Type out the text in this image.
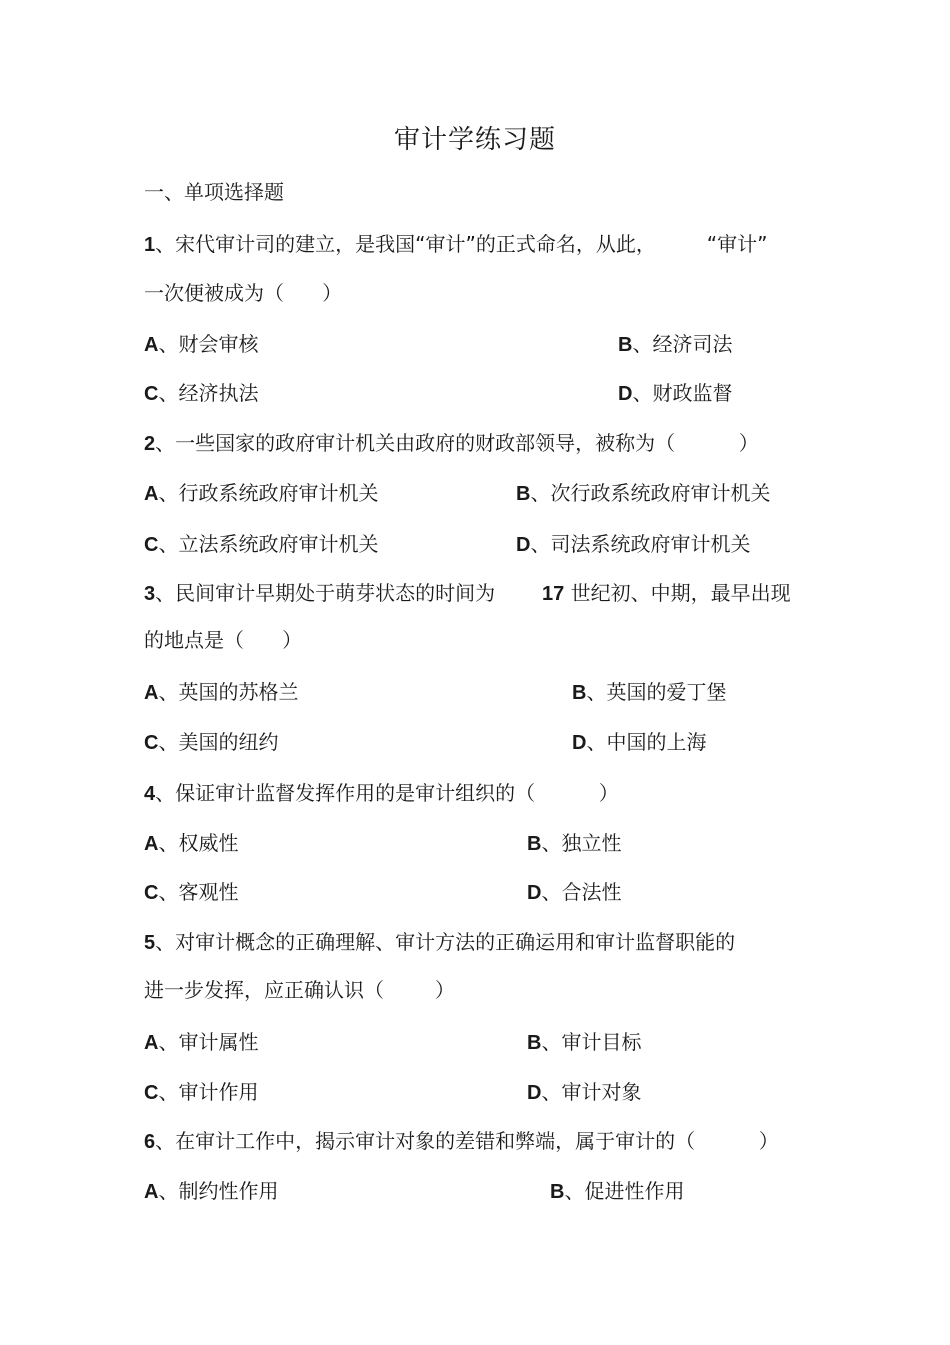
审计学练习题
一、单项选择题
1、宋代审计司的建立，是我国“审计”的正式命名，从此，        “审计”
一次便被成为（      ）
A、财会审核	B、经济司法
C、经济执法	D、财政监督
2、一些国家的政府审计机关由政府的财政部领导，被称为（          ）
A、行政系统政府审计机关	B、次行政系统政府审计机关
C、立法系统政府审计机关	D、司法系统政府审计机关
3、民间审计早期处于萌芽状态的时间为 17 世纪初、中期，最早出现
的地点是（      ）
A、英国的苏格兰	B、英国的爱丁堡
C、美国的纽约	D、中国的上海
4、保证审计监督发挥作用的是审计组织的（          ）
A、权威性	B、独立性
C、客观性	D、合法性
5、对审计概念的正确理解、审计方法的正确运用和审计监督职能的
进一步发挥，应正确认识（        ）
A、审计属性	B、审计目标
C、审计作用	D、审计对象
6、在审计工作中，揭示审计对象的差错和弊端，属于审计的（          ）
A、制约性作用	B、促进性作用
